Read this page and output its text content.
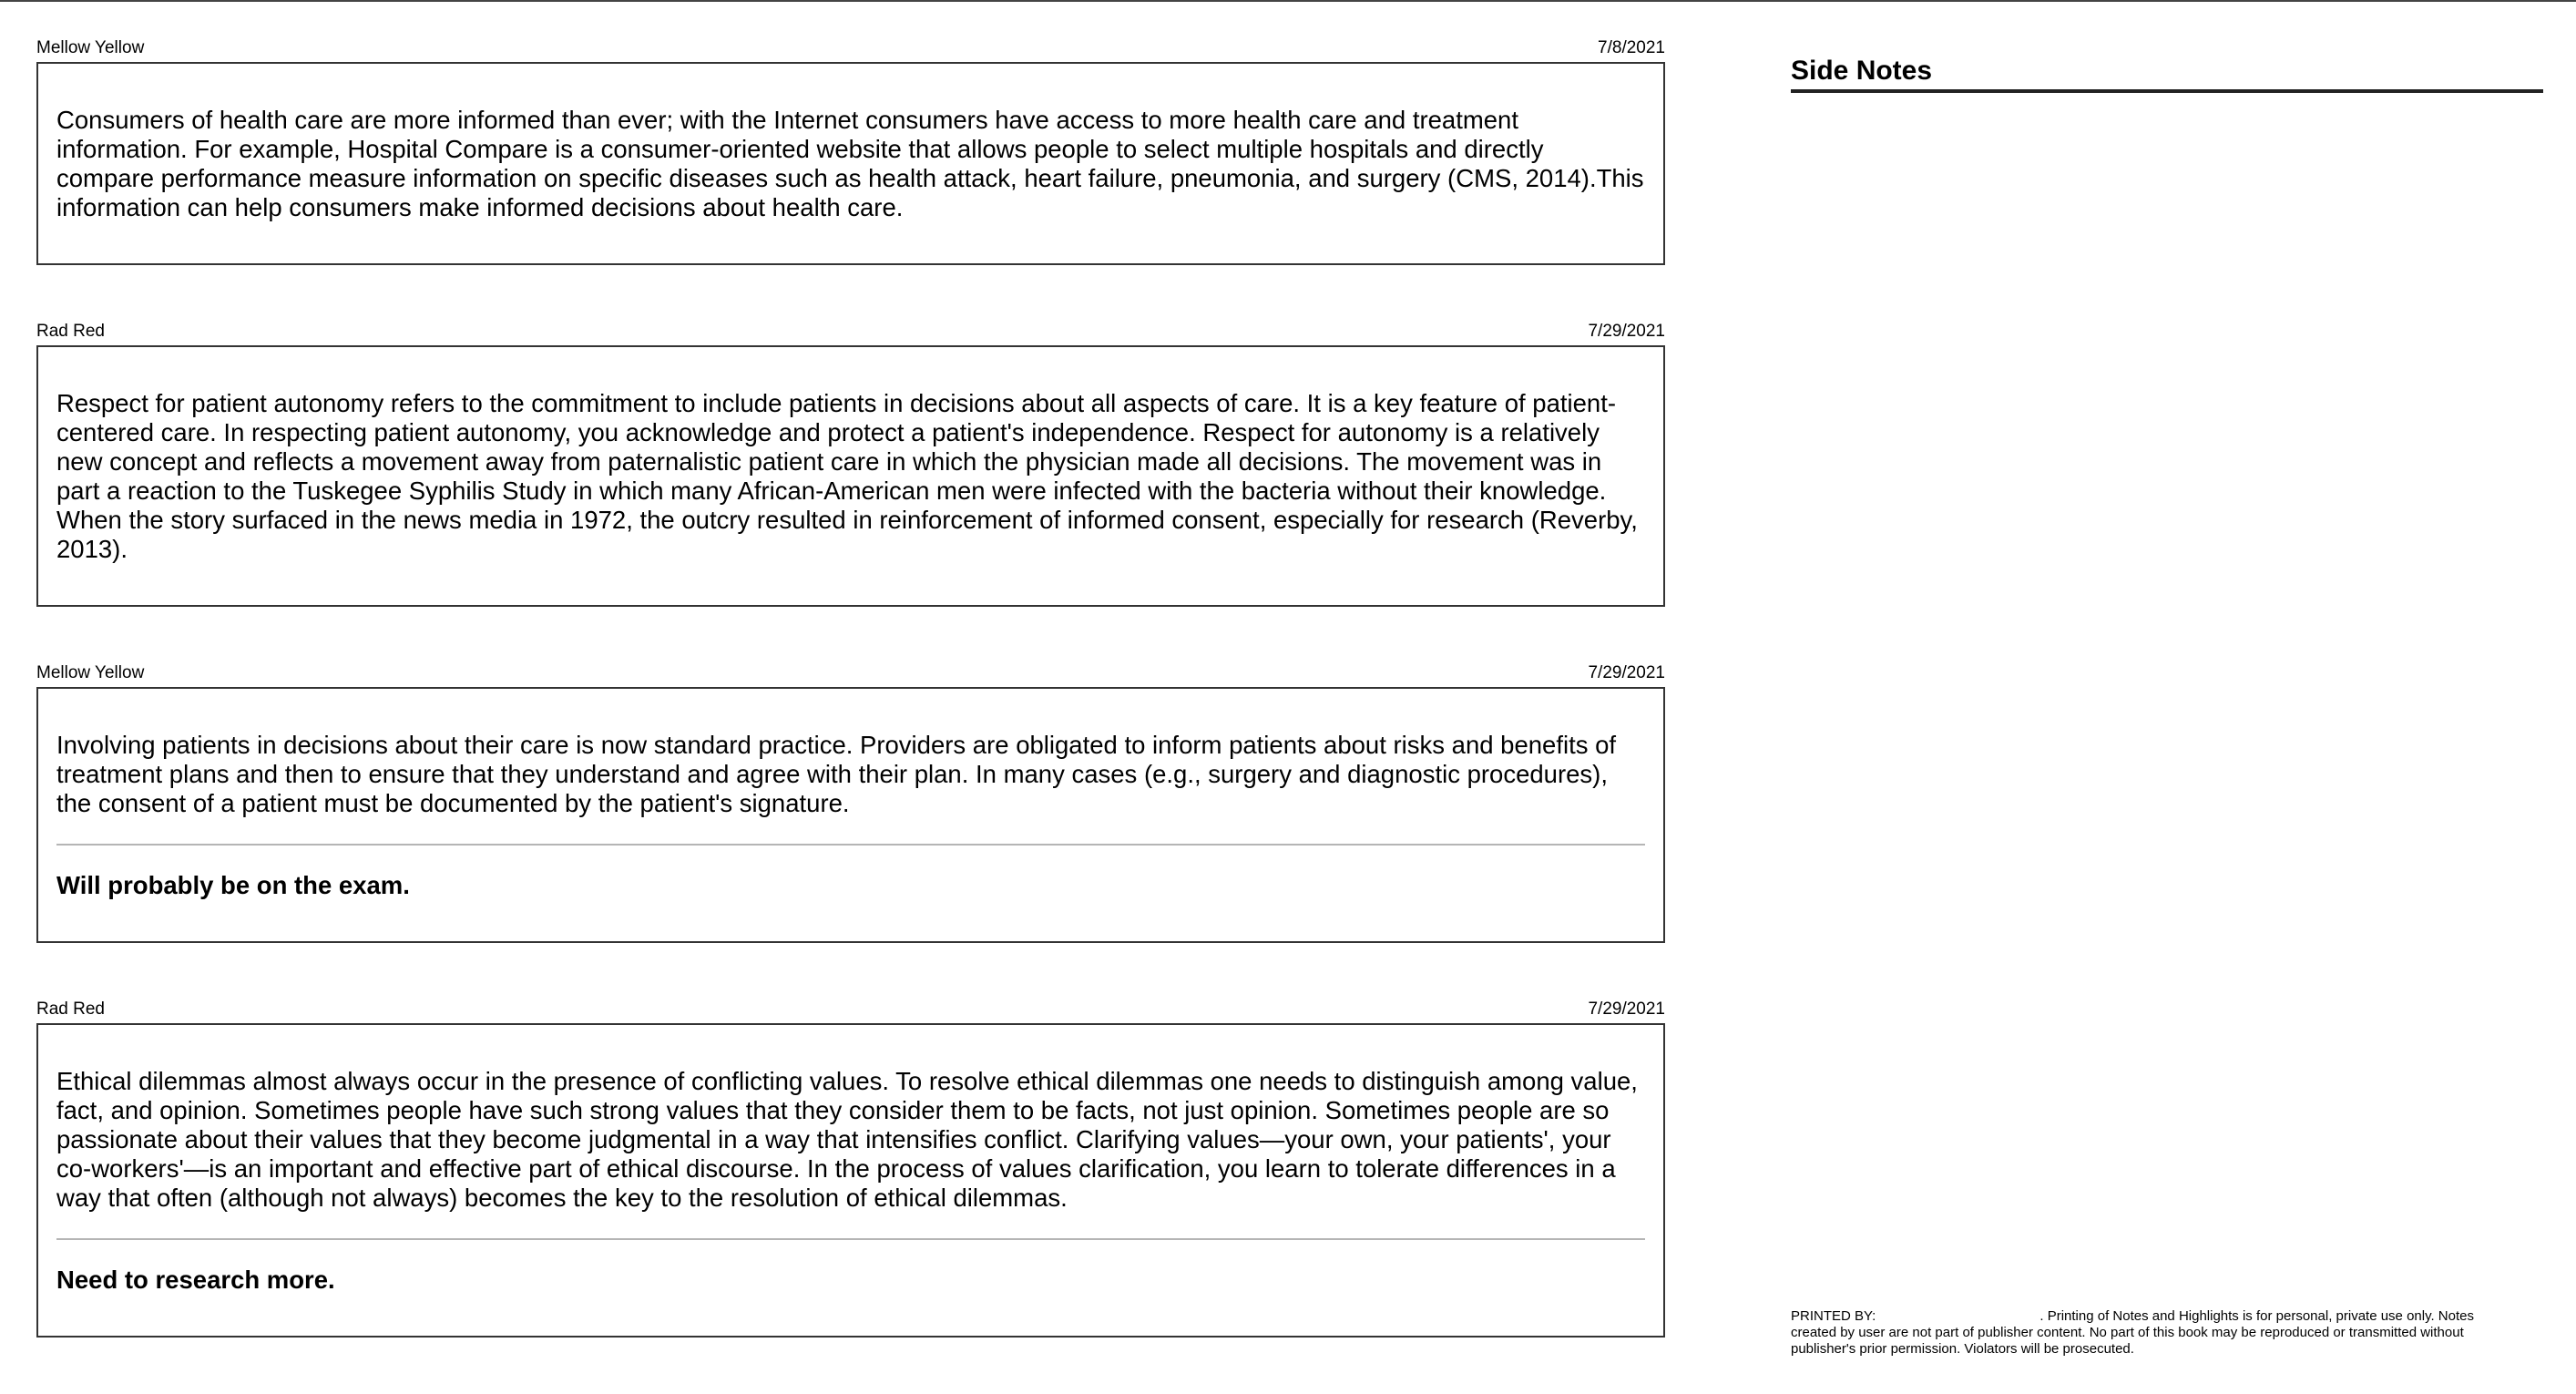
Mellow Yellow	7/8/2021

Consumers of health care are more informed than ever; with the Internet consumers have access to more health care and treatment information. For example, Hospital Compare is a consumer-oriented website that allows people to select multiple hospitals and directly compare performance measure information on specific diseases such as health attack, heart failure, pneumonia, and surgery (CMS, 2014).This information can help consumers make informed decisions about health care.

Rad Red	7/29/2021

Respect for patient autonomy refers to the commitment to include patients in decisions about all aspects of care. It is a key feature of patient-centered care. In respecting patient autonomy, you acknowledge and protect a patient's independence. Respect for autonomy is a relatively new concept and reflects a movement away from paternalistic patient care in which the physician made all decisions. The movement was in part a reaction to the Tuskegee Syphilis Study in which many African-American men were infected with the bacteria without their knowledge. When the story surfaced in the news media in 1972, the outcry resulted in reinforcement of informed consent, especially for research (Reverby, 2013).

Mellow Yellow	7/29/2021

Involving patients in decisions about their care is now standard practice. Providers are obligated to inform patients about risks and benefits of treatment plans and then to ensure that they understand and agree with their plan. In many cases (e.g., surgery and diagnostic procedures), the consent of a patient must be documented by the patient's signature.

Will probably be on the exam.

Rad Red	7/29/2021

Ethical dilemmas almost always occur in the presence of conflicting values. To resolve ethical dilemmas one needs to distinguish among value, fact, and opinion. Sometimes people have such strong values that they consider them to be facts, not just opinion. Sometimes people are so passionate about their values that they become judgmental in a way that intensifies conflict. Clarifying values—your own, your patients', your co-workers'—is an important and effective part of ethical discourse. In the process of values clarification, you learn to tolerate differences in a way that often (although not always) becomes the key to the resolution of ethical dilemmas.

Need to research more.

Side Notes
PRINTED BY:	. Printing of Notes and Highlights is for personal, private use only. Notes created by user are not part of publisher content. No part of this book may be reproduced or transmitted without publisher's prior permission. Violators will be prosecuted.
